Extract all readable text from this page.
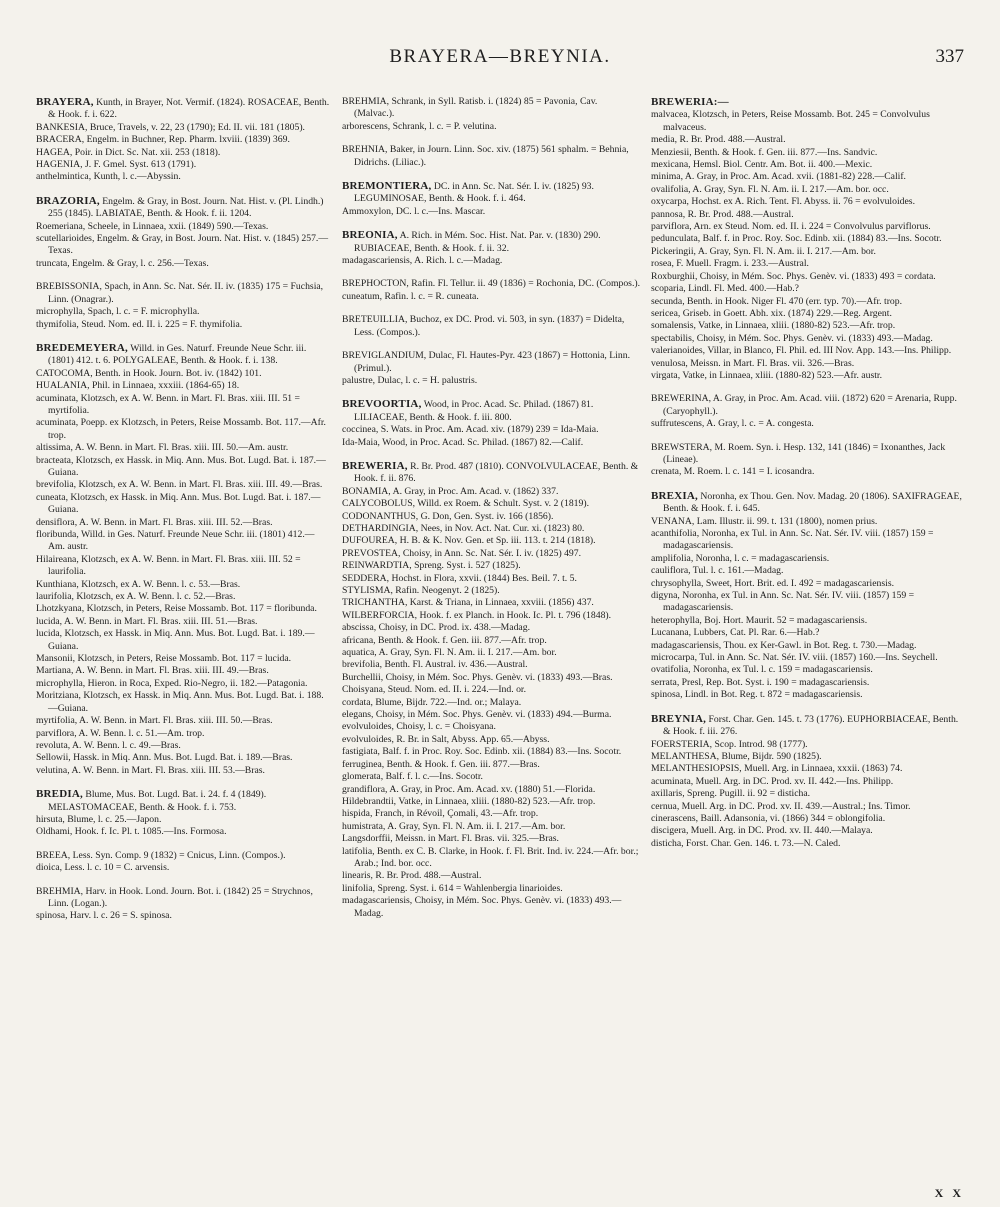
BRAYERA—BREYNIA.	337
BRAYERA, Kunth, in Brayer, Not. Vermif. (1824). ROSACEAE, Benth. & Hook. f. i. 622.
BANKESIA, Bruce, Travels, v. 22, 23 (1790); Ed. II. vii. 181 (1805).
BRACERA, Engelm. in Buchner, Rep. Pharm. lxviii. (1839) 369.
HAGEA, Poir. in Dict. Sc. Nat. xii. 253 (1818).
HAGENIA, J. F. Gmel. Syst. 613 (1791).
anthelmintica, Kunth, l. c.—Abyssin.
BRAZORIA, Engelm. & Gray, in Bost. Journ. Nat. Hist. v. (Pl. Lindh.) 255 (1845). LABIATAE, Benth. & Hook. f. ii. 1204.
Roemeriana, Scheele, in Linnaea, xxii. (1849) 590.—Texas.
scutellarioides, Engelm. & Gray, in Bost. Journ. Nat. Hist. v. (1845) 257.—Texas.
truncata, Engelm. & Gray, l. c. 256.—Texas.
BREBISSONIA, Spach, in Ann. Sc. Nat. Sér. II. iv. (1835) 175 = Fuchsia, Linn. (Onagrar.).
microphylla, Spach, l. c. = F. microphylla.
thymifolia, Steud. Nom. ed. II. i. 225 = F. thymifolia.
BREDEMEYERA, Willd. in Ges. Naturf. Freunde Neue Schr. iii. (1801) 412. t. 6. POLYGALEAE, Benth. & Hook. f. i. 138.
CATOCOMA, Benth. in Hook. Journ. Bot. iv. (1842) 101.
HUALANIA, Phil. in Linnaea, xxxiii. (1864-65) 18.
acuminata, Klotzsch, ex A. W. Benn. in Mart. Fl. Bras. xiii. III. 51 = myrtifolia.
acuminata, Poepp. ex Klotzsch, in Peters, Reise Mossamb. Bot. 117.—Afr. trop.
altissima, A. W. Benn. in Mart. Fl. Bras. xiii. III. 50.—Am. austr.
bracteata, Klotzsch, ex Hassk. in Miq. Ann. Mus. Bot. Lugd. Bat. i. 187.—Guiana.
brevifolia, Klotzsch, ex A. W. Benn. in Mart. Fl. Bras. xiii. III. 49.—Bras.
cuneata, Klotzsch, ex Hassk. in Miq. Ann. Mus. Bot. Lugd. Bat. i. 187.—Guiana.
densiflora, A. W. Benn. in Mart. Fl. Bras. xiii. III. 52.—Bras.
floribunda, Willd. in Ges. Naturf. Freunde Neue Schr. iii. (1801) 412.—Am. austr.
Hilaireana, Klotzsch, ex A. W. Benn. in Mart. Fl. Bras. xiii. III. 52 = laurifolia.
Kunthiana, Klotzsch, ex A. W. Benn. l. c. 53.—Bras.
laurifolia, Klotzsch, ex A. W. Benn. l. c. 52.—Bras.
Lhotzkyana, Klotzsch, in Peters, Reise Mossamb. Bot. 117 = floribunda.
lucida, A. W. Benn. in Mart. Fl. Bras. xiii. III. 51.—Bras.
lucida, Klotzsch, ex Hassk. in Miq. Ann. Mus. Bot. Lugd. Bat. i. 189.—Guiana.
Mansonii, Klotzsch, in Peters, Reise Mossamb. Bot. 117 = lucida.
Martiana, A. W. Benn. in Mart. Fl. Bras. xiii. III. 49.—Bras.
microphylla, Hieron. in Roca, Exped. Rio-Negro, ii. 182.—Patagonia.
Moritziana, Klotzsch, ex Hassk. in Miq. Ann. Mus. Bot. Lugd. Bat. i. 188.—Guiana.
myrtifolia, A. W. Benn. in Mart. Fl. Bras. xiii. III. 50.—Bras.
parviflora, A. W. Benn. l. c. 51.—Am. trop.
revoluta, A. W. Benn. l. c. 49.—Bras.
Sellowii, Hassk. in Miq. Ann. Mus. Bot. Lugd. Bat. i. 189.—Bras.
velutina, A. W. Benn. in Mart. Fl. Bras. xiii. III. 53.—Bras.
BREDIA, Blume, Mus. Bot. Lugd. Bat. i. 24. f. 4 (1849). MELASTOMACEAE, Benth. & Hook. f. i. 753.
hirsuta, Blume, l. c. 25.—Japon.
Oldhami, Hook. f. Ic. Pl. t. 1085.—Ins. Formosa.
BREEA, Less. Syn. Comp. 9 (1832) = Cnicus, Linn. (Compos.).
dioica, Less. l. c. 10 = C. arvensis.
BREHMIA, Harv. in Hook. Lond. Journ. Bot. i. (1842) 25 = Strychnos, Linn. (Logan.).
spinosa, Harv. l. c. 26 = S. spinosa.
BREHMIA, Schrank, in Syll. Ratisb. i. (1824) 85 = Pavonia, Cav. (Malvac.).
arborescens, Schrank, l. c. = P. velutina.
BREHNIA, Baker, in Journ. Linn. Soc. xiv. (1875) 561 sphalm. = Behnia, Didrichs. (Liliac.).
BREMONTIERA, DC. in Ann. Sc. Nat. Sér. I. iv. (1825) 93. LEGUMINOSAE, Benth. & Hook. f. i. 464.
Ammoxylon, DC. l. c.—Ins. Mascar.
BREONIA, A. Rich. in Mém. Soc. Hist. Nat. Par. v. (1830) 290. RUBIACEAE, Benth. & Hook. f. ii. 32.
madagascariensis, A. Rich. l. c.—Madag.
BREPHOCTON, Rafin. Fl. Tellur. ii. 49 (1836) = Rochonia, DC. (Compos.).
cuneatum, Rafin. l. c. = R. cuneata.
BRETEUILLIA, Buchoz, ex DC. Prod. vi. 503, in syn. (1837) = Didelta, Less. (Compos.).
BREVIGLANDIUM, Dulac, Fl. Hautes-Pyr. 423 (1867) = Hottonia, Linn. (Primul.).
palustre, Dulac, l. c. = H. palustris.
BREVOORTIA, Wood, in Proc. Acad. Sc. Philad. (1867) 81. LILIACEAE, Benth. & Hook. f. iii. 800.
coccinea, S. Wats. in Proc. Am. Acad. xiv. (1879) 239 = Ida-Maia.
Ida-Maia, Wood, in Proc. Acad. Sc. Philad. (1867) 82.—Calif.
BREWERIA, R. Br. Prod. 487 (1810). CONVOLVULACEAE, Benth. & Hook. f. ii. 876.
BONAMIA, A. Gray, in Proc. Am. Acad. v. (1862) 337.
CALYCOBOLUS, Willd. ex Roem. & Schult. Syst. v. 2 (1819).
CODONANTHUS, G. Don, Gen. Syst. iv. 166 (1856).
DETHARDINGIA, Nees, in Nov. Act. Nat. Cur. xi. (1823) 80.
DUFOUREA, H. B. & K. Nov. Gen. et Sp. iii. 113. t. 214 (1818).
PREVOSTEA, Choisy, in Ann. Sc. Nat. Sér. I. iv. (1825) 497.
REINWARDTIA, Spreng. Syst. i. 527 (1825).
SEDDERA, Hochst. in Flora, xxvii. (1844) Bes. Beil. 7. t. 5.
STYLISMA, Rafin. Neogenyt. 2 (1825).
TRICHANTHA, Karst. & Triana, in Linnaea, xxviii. (1856) 437.
WILBERFORCIA, Hook. f. ex Planch. in Hook. Ic. Pl. t. 796 (1848).
abscissa, Choisy, in DC. Prod. ix. 438.—Madag.
africana, Benth. & Hook. f. Gen. iii. 877.—Afr. trop.
aquatica, A. Gray, Syn. Fl. N. Am. ii. I. 217.—Am. bor.
brevifolia, Benth. Fl. Austral. iv. 436.—Austral.
Burchellii, Choisy, in Mém. Soc. Phys. Genèv. vi. (1833) 493.—Bras.
Choisyana, Steud. Nom. ed. II. i. 224.—Ind. or.
cordata, Blume, Bijdr. 722.—Ind. or.; Malaya.
elegans, Choisy, in Mém. Soc. Phys. Genèv. vi. (1833) 494.—Burma.
evolvuloides, Choisy, l. c. = Choisyana.
evolvuloides, R. Br. in Salt, Abyss. App. 65.—Abyss.
fastigiata, Balf. f. in Proc. Roy. Soc. Edinb. xii. (1884) 83.—Ins. Socotr.
ferruginea, Benth. & Hook. f. Gen. iii. 877.—Bras.
glomerata, Balf. f. l. c.—Ins. Socotr.
grandiflora, A. Gray, in Proc. Am. Acad. xv. (1880) 51.—Florida.
Hildebrandtii, Vatke, in Linnaea, xliii. (1880-82) 523.—Afr. trop.
hispida, Franch, in Révoil, Çomali, 43.—Afr. trop.
humistrata, A. Gray, Syn. Fl. N. Am. ii. I. 217.—Am. bor.
Langsdorffii, Meissn. in Mart. Fl. Bras. vii. 325.—Bras.
latifolia, Benth. ex C. B. Clarke, in Hook. f. Fl. Brit. Ind. iv. 224.—Afr. bor.; Arab.; Ind. bor. occ.
linearis, R. Br. Prod. 488.—Austral.
linifolia, Spreng. Syst. i. 614 = Wahlenbergia linarioides.
madagascariensis, Choisy, in Mém. Soc. Phys. Genèv. vi. (1833) 493.—Madag.
BREWERIA:—
malvacea, Klotzsch, in Peters, Reise Mossamb. Bot. 245 = Convolvulus malvaceus.
media, R. Br. Prod. 488.—Austral.
Menziesii, Benth. & Hook. f. Gen. iii. 877.—Ins. Sandvic.
mexicana, Hemsl. Biol. Centr. Am. Bot. ii. 400.—Mexic.
minima, A. Gray, in Proc. Am. Acad. xvii. (1881-82) 228.—Calif.
ovalifolia, A. Gray, Syn. Fl. N. Am. ii. I. 217.—Am. bor. occ.
oxycarpa, Hochst. ex A. Rich. Tent. Fl. Abyss. ii. 76 = evolvuloides.
pannosa, R. Br. Prod. 488.—Austral.
parviflora, Arn. ex Steud. Nom. ed. II. i. 224 = Convolvulus parviflorus.
pedunculata, Balf. f. in Proc. Roy. Soc. Edinb. xii. (1884) 83.—Ins. Socotr.
Pickeringii, A. Gray, Syn. Fl. N. Am. ii. I. 217.—Am. bor.
rosea, F. Muell. Fragm. i. 233.—Austral.
Roxburghii, Choisy, in Mém. Soc. Phys. Genèv. vi. (1833) 493 = cordata.
scoparia, Lindl. Fl. Med. 400.—Hab.?
secunda, Benth. in Hook. Niger Fl. 470 (err. typ. 70).—Afr. trop.
sericea, Griseb. in Goett. Abh. xix. (1874) 229.—Reg. Argent.
somalensis, Vatke, in Linnaea, xliii. (1880-82) 523.—Afr. trop.
spectabilis, Choisy, in Mém. Soc. Phys. Genèv. vi. (1833) 493.—Madag.
valerianoides, Villar, in Blanco, Fl. Phil. ed. III Nov. App. 143.—Ins. Philipp.
venulosa, Meissn. in Mart. Fl. Bras. vii. 326.—Bras.
virgata, Vatke, in Linnaea, xliii. (1880-82) 523.—Afr. austr.
BREWERINA, A. Gray, in Proc. Am. Acad. viii. (1872) 620 = Arenaria, Rupp. (Caryophyll.).
suffrutescens, A. Gray, l. c. = A. congesta.
BREWSTERA, M. Roem. Syn. i. Hesp. 132, 141 (1846) = Ixonanthes, Jack (Lineae).
crenata, M. Roem. l. c. 141 = I. icosandra.
BREXIA, Noronha, ex Thou. Gen. Nov. Madag. 20 (1806). SAXIFRAGEAE, Benth. & Hook. f. i. 645.
VENANA, Lam. Illustr. ii. 99. t. 131 (1800), nomen prius.
acanthifolia, Noronha, ex Tul. in Ann. Sc. Nat. Sér. IV. viii. (1857) 159 = madagascariensis.
amplifolia, Noronha, l. c. = madagascariensis.
cauliflora, Tul. l. c. 161.—Madag.
chrysophylla, Sweet, Hort. Brit. ed. I. 492 = madagascariensis.
digyna, Noronha, ex Tul. in Ann. Sc. Nat. Sér. IV. viii. (1857) 159 = madagascariensis.
heterophylla, Boj. Hort. Maurit. 52 = madagascariensis.
Lucanana, Lubbers, Cat. Pl. Rar. 6.—Hab.?
madagascariensis, Thou. ex Ker-Gawl. in Bot. Reg. t. 730.—Madag.
microcarpa, Tul. in Ann. Sc. Nat. Sér. IV. viii. (1857) 160.—Ins. Seychell.
ovatifolia, Noronha, ex Tul. l. c. 159 = madagascariensis.
serrata, Presl, Rep. Bot. Syst. i. 190 = madagascariensis.
spinosa, Lindl. in Bot. Reg. t. 872 = madagascariensis.
BREYNIA, Forst. Char. Gen. 145. t. 73 (1776). EUPHORBIACEAE, Benth. & Hook. f. iii. 276.
FOERSTERIA, Scop. Introd. 98 (1777).
MELANTHESA, Blume, Bijdr. 590 (1825).
MELANTHESIOPSIS, Muell. Arg. in Linnaea, xxxii. (1863) 74.
acuminata, Muell. Arg. in DC. Prod. xv. II. 442.—Ins. Philipp.
axillaris, Spreng. Pugill. ii. 92 = disticha.
cernua, Muell. Arg. in DC. Prod. xv. II. 439.—Austral.; Ins. Timor.
cinerascens, Baill. Adansonia, vi. (1866) 344 = oblongifolia.
discigera, Muell. Arg. in DC. Prod. xv. II. 440.—Malaya.
disticha, Forst. Char. Gen. 146. t. 73.—N. Caled.
X X
